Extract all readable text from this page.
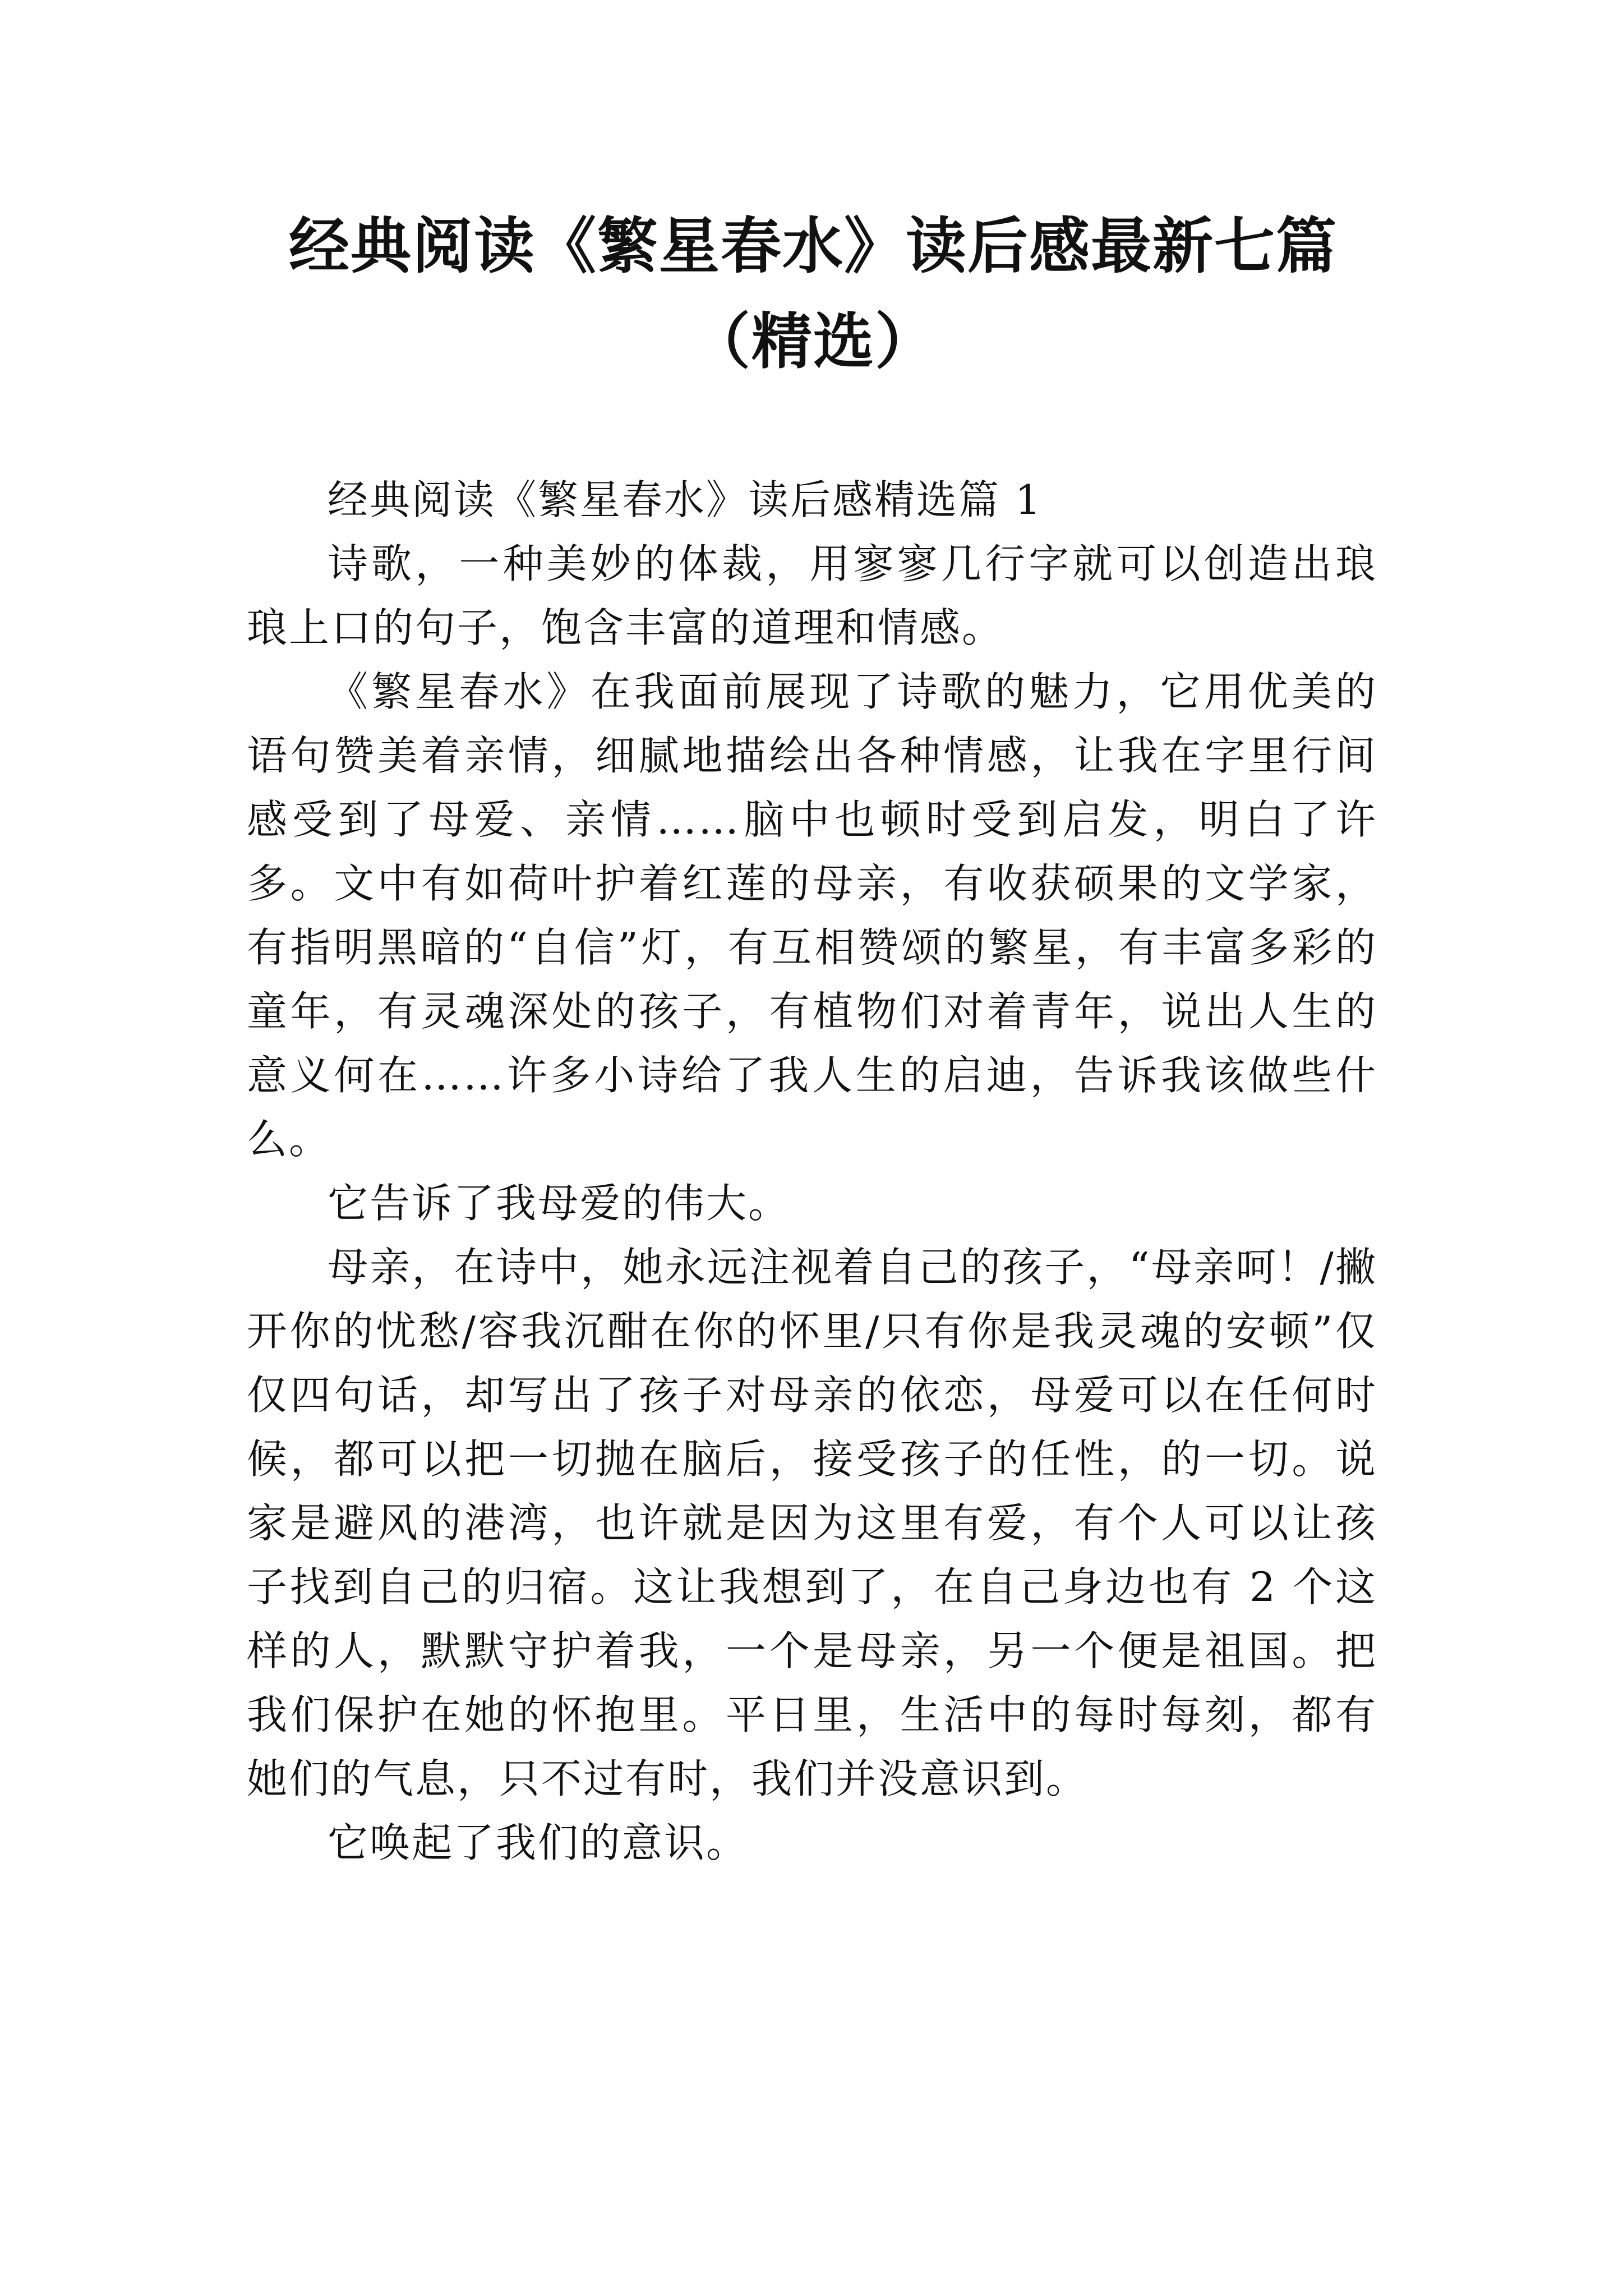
经典阅读《繁星春水》读后感最新七篇（精选）

经典阅读《繁星春水》读后感精选篇 1

诗歌，一种美妙的体裁，用寥寥几行字就可以创造出琅琅上口的句子，饱含丰富的道理和情感。

《繁星春水》在我面前展现了诗歌的魅力，它用优美的语句赞美着亲情，细腻地描绘出各种情感，让我在字里行间感受到了母爱、亲情……脑中也顿时受到启发，明白了许多。文中有如荷叶护着红莲的母亲，有收获硕果的文学家，有指明黑暗的“自信”灯，有互相赞颂的繁星，有丰富多彩的童年，有灵魂深处的孩子，有植物们对着青年，说出人生的意义何在……许多小诗给了我人生的启迪，告诉我该做些什么。

它告诉了我母爱的伟大。

母亲，在诗中，她永远注视着自己的孩子，“母亲呵！/撇开你的忧愁/容我沉酣在你的怀里/只有你是我灵魂的安顿”仅仅四句话，却写出了孩子对母亲的依恋，母爱可以在任何时候，都可以把一切抛在脑后，接受孩子的任性，的一切。说家是避风的港湾，也许就是因为这里有爱，有个人可以让孩子找到自己的归宿。这让我想到了，在自己身边也有 2 个这样的人，默默守护着我，一个是母亲，另一个便是祖国。把我们保护在她的怀抱里。平日里，生活中的每时每刻，都有她们的气息，只不过有时，我们并没意识到。

它唤起了我们的意识。
